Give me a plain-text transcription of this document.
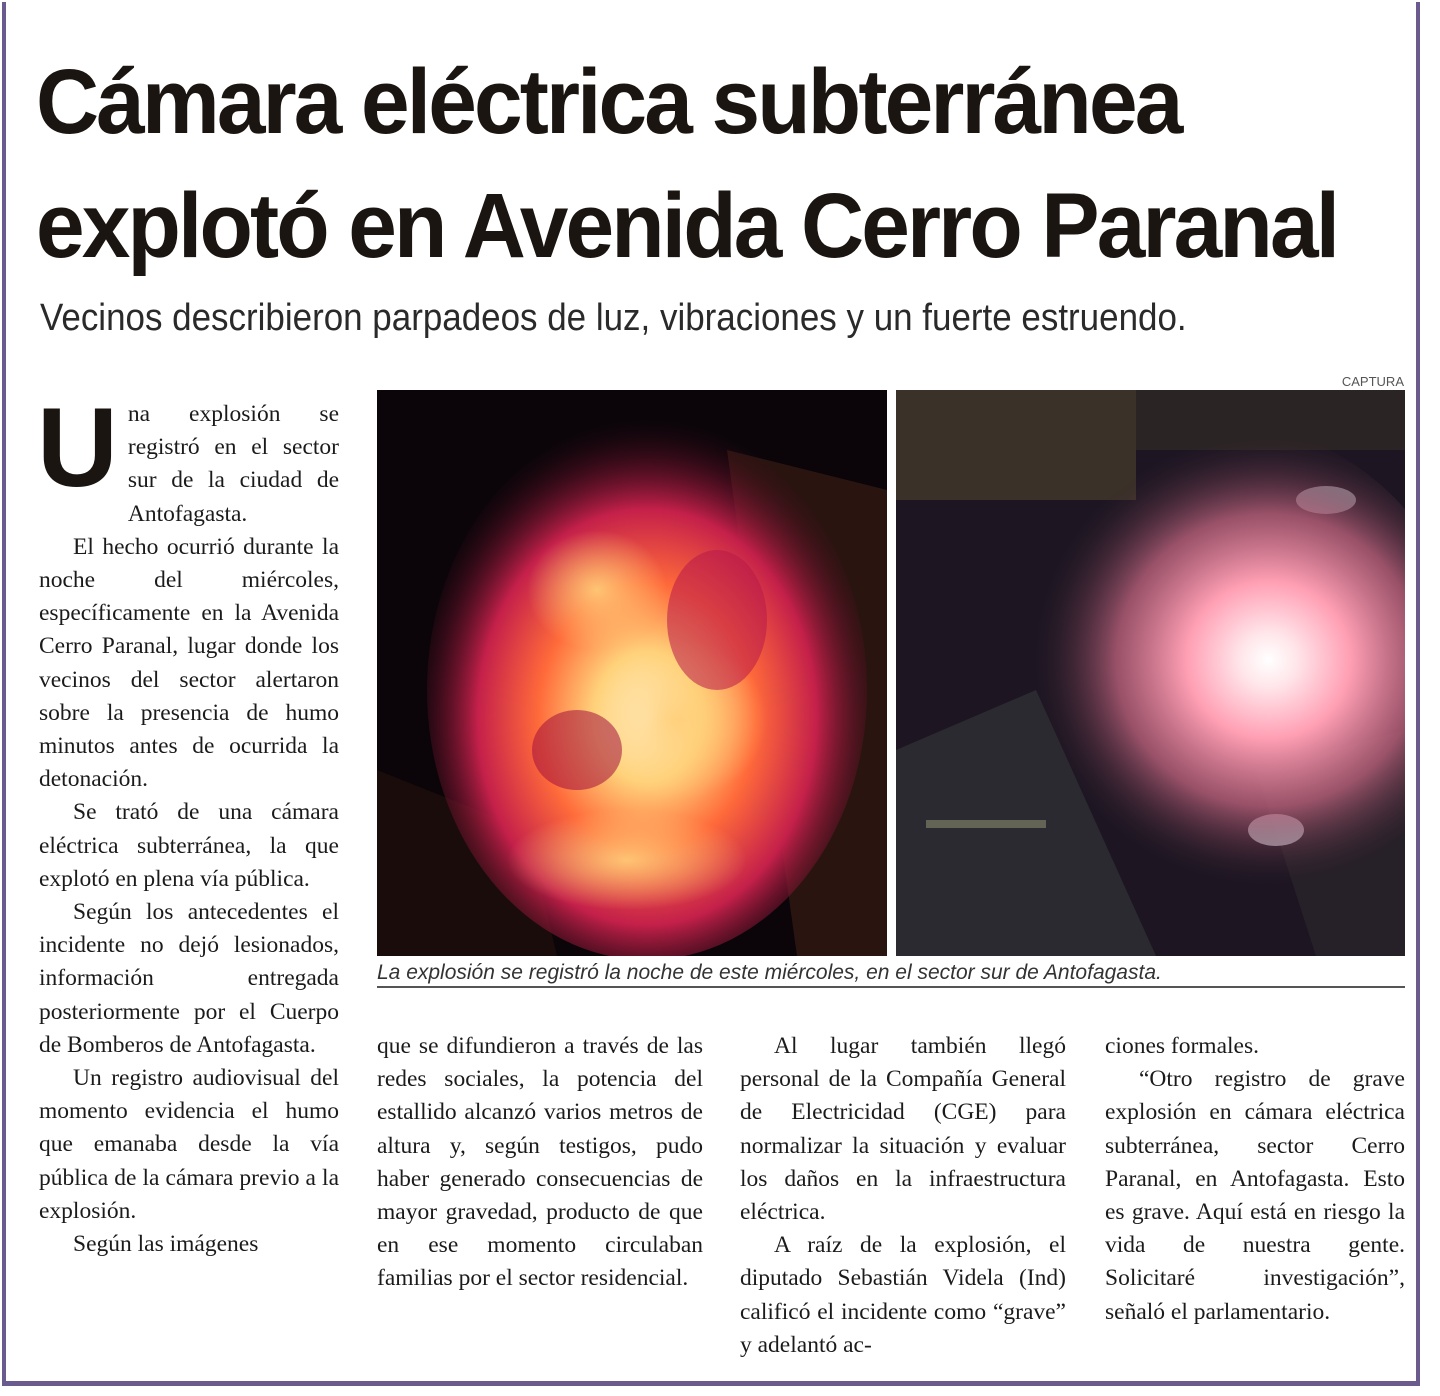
Cámara eléctrica subterránea
explotó en Avenida Cerro Paranal
Vecinos describieron parpadeos de luz, vibraciones y un fuerte estruendo.
CAPTURA
La explosión se registró la noche de este miércoles, en el sector sur de Antofagasta.

Una explosión se registró en el sector sur de la ciudad de Antofagasta.

El hecho ocurrió durante la noche del miércoles, específicamente en la Avenida Cerro Paranal, lugar donde los vecinos del sector alertaron sobre la presencia de humo minutos antes de ocurrida la detonación.

Se trató de una cámara eléctrica subterránea, la que explotó en plena vía pública.

Según los antecedentes el incidente no dejó lesionados, información entregada posteriormente por el Cuerpo de Bomberos de Antofagasta.

Un registro audiovisual del momento evidencia el humo que emanaba desde la vía pública de la cámara previo a la explosión.

Según las imágenes

que se difundieron a través de las redes sociales, la potencia del estallido alcanzó varios metros de altura y, según testigos, pudo haber generado consecuencias de mayor gravedad, producto de que en ese momento circulaban familias por el sector residencial.

Al lugar también llegó personal de la Compañía General de Electricidad (CGE) para normalizar la situación y evaluar los daños en la infraestructura eléctrica.

A raíz de la explosión, el diputado Sebastián Videla (Ind) calificó el incidente como “grave” y adelantó ac-

ciones formales.

“Otro registro de grave explosión en cámara eléctrica subterránea, sector Cerro Paranal, en Antofagasta. Esto es grave. Aquí está en riesgo la vida de nuestra gente. Solicitaré investigación”, señaló el parlamentario.
